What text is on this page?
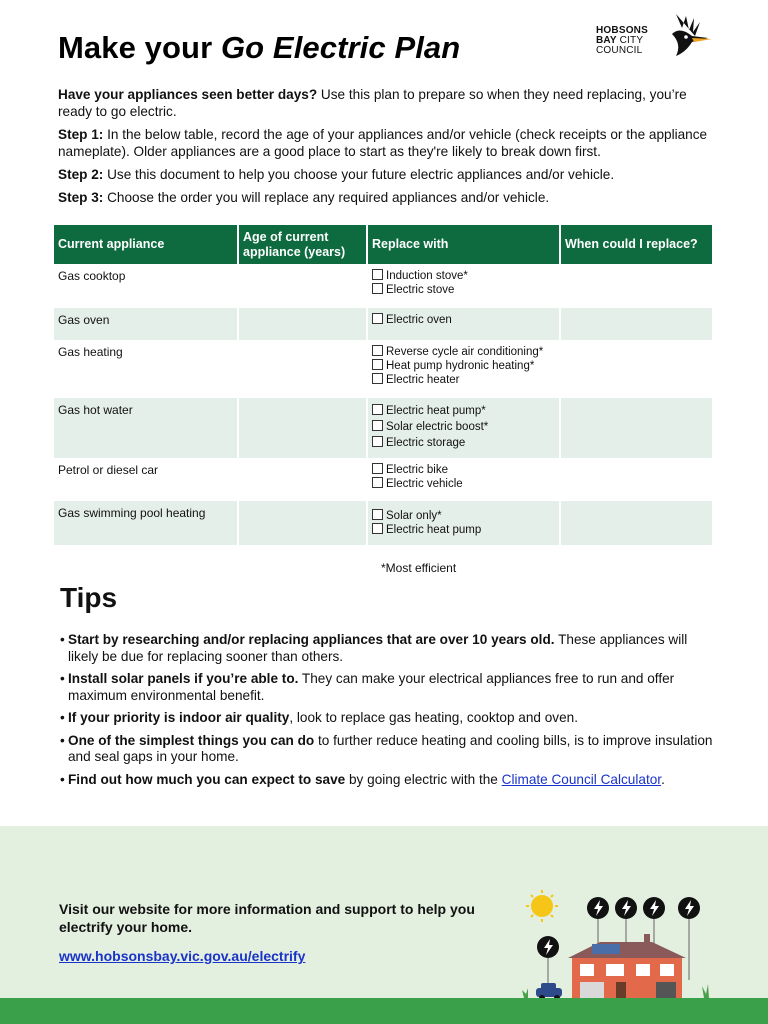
Make your Go Electric Plan	HOBSONS
BAY CITY
COUNCIL

Have your appliances seen better days? Use this plan to prepare so when they need replacing, you’re ready to go electric.

Step 1: In the below table, record the age of your appliances and/or vehicle (check receipts or the appliance nameplate). Older appliances are a good place to start as they're likely to break down first.

Step 2: Use this document to help you choose your future electric appliances and/or vehicle.

Step 3: Choose the order you will replace any required appliances and/or vehicle.

Current appliance	Age of current appliance (years)	Replace with	When could I replace?
Gas cooktop		Induction stove*
Electric stove	

Gas oven		Electric oven	

Gas heating		Reverse cycle air conditioning*
Heat pump hydronic heating*
Electric heater	

Gas hot water		Electric heat pump*
Solar electric boost*
Electric storage	

Petrol or diesel car		Electric bike
Electric vehicle	

Gas swimming pool heating		Solar only*
Electric heat pump	

*Most efficient
Tips
• Start by researching and/or replacing appliances that are over 10 years old. These appliances will likely be due for replacing sooner than others.
• Install solar panels if you’re able to. They can make your electrical appliances free to run and offer maximum environmental benefit.
• If your priority is indoor air quality, look to replace gas heating, cooktop and oven.
• One of the simplest things you can do to further reduce heating and cooling bills, is to improve insulation and seal gaps in your home.
• Find out how much you can expect to save by going electric with the Climate Council Calculator.

Visit our website for more information and support to help you electrify your home.

www.hobsonsbay.vic.gov.au/electrify
